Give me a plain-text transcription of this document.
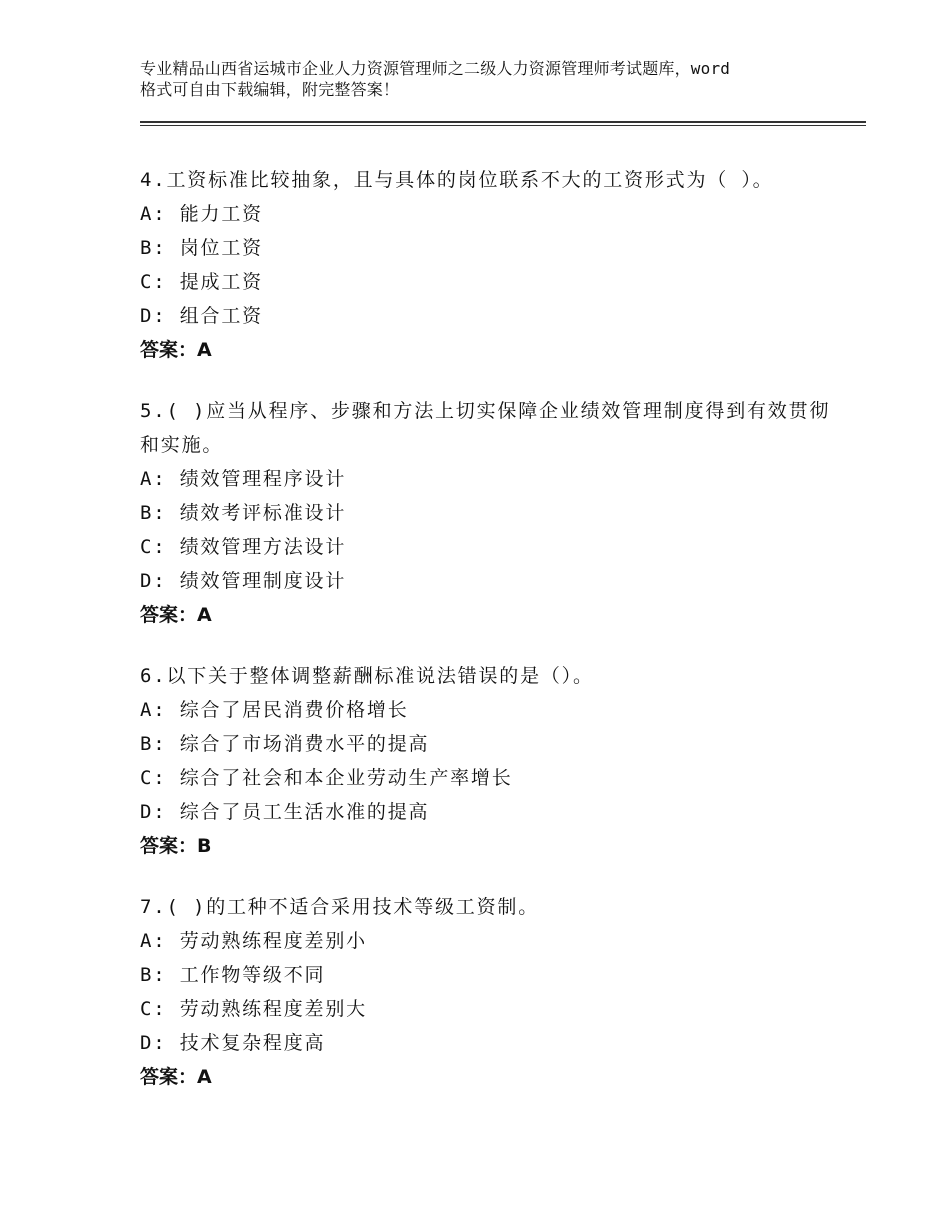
专业精品山西省运城市企业人力资源管理师之二级人力资源管理师考试题库，word
格式可自由下载编辑，附完整答案！

4.工资标准比较抽象，且与具体的岗位联系不大的工资形式为（ ）。

A: 能力工资

B: 岗位工资

C: 提成工资

D: 组合工资

答案：A

5.( )应当从程序、步骤和方法上切实保障企业绩效管理制度得到有效贯彻和实施。

A: 绩效管理程序设计

B: 绩效考评标准设计

C: 绩效管理方法设计

D: 绩效管理制度设计

答案：A

6.以下关于整体调整薪酬标准说法错误的是（）。

A: 综合了居民消费价格增长

B: 综合了市场消费水平的提高

C: 综合了社会和本企业劳动生产率增长

D: 综合了员工生活水准的提高

答案：B

7.( )的工种不适合采用技术等级工资制。

A: 劳动熟练程度差别小

B: 工作物等级不同

C: 劳动熟练程度差别大

D: 技术复杂程度高

答案：A
